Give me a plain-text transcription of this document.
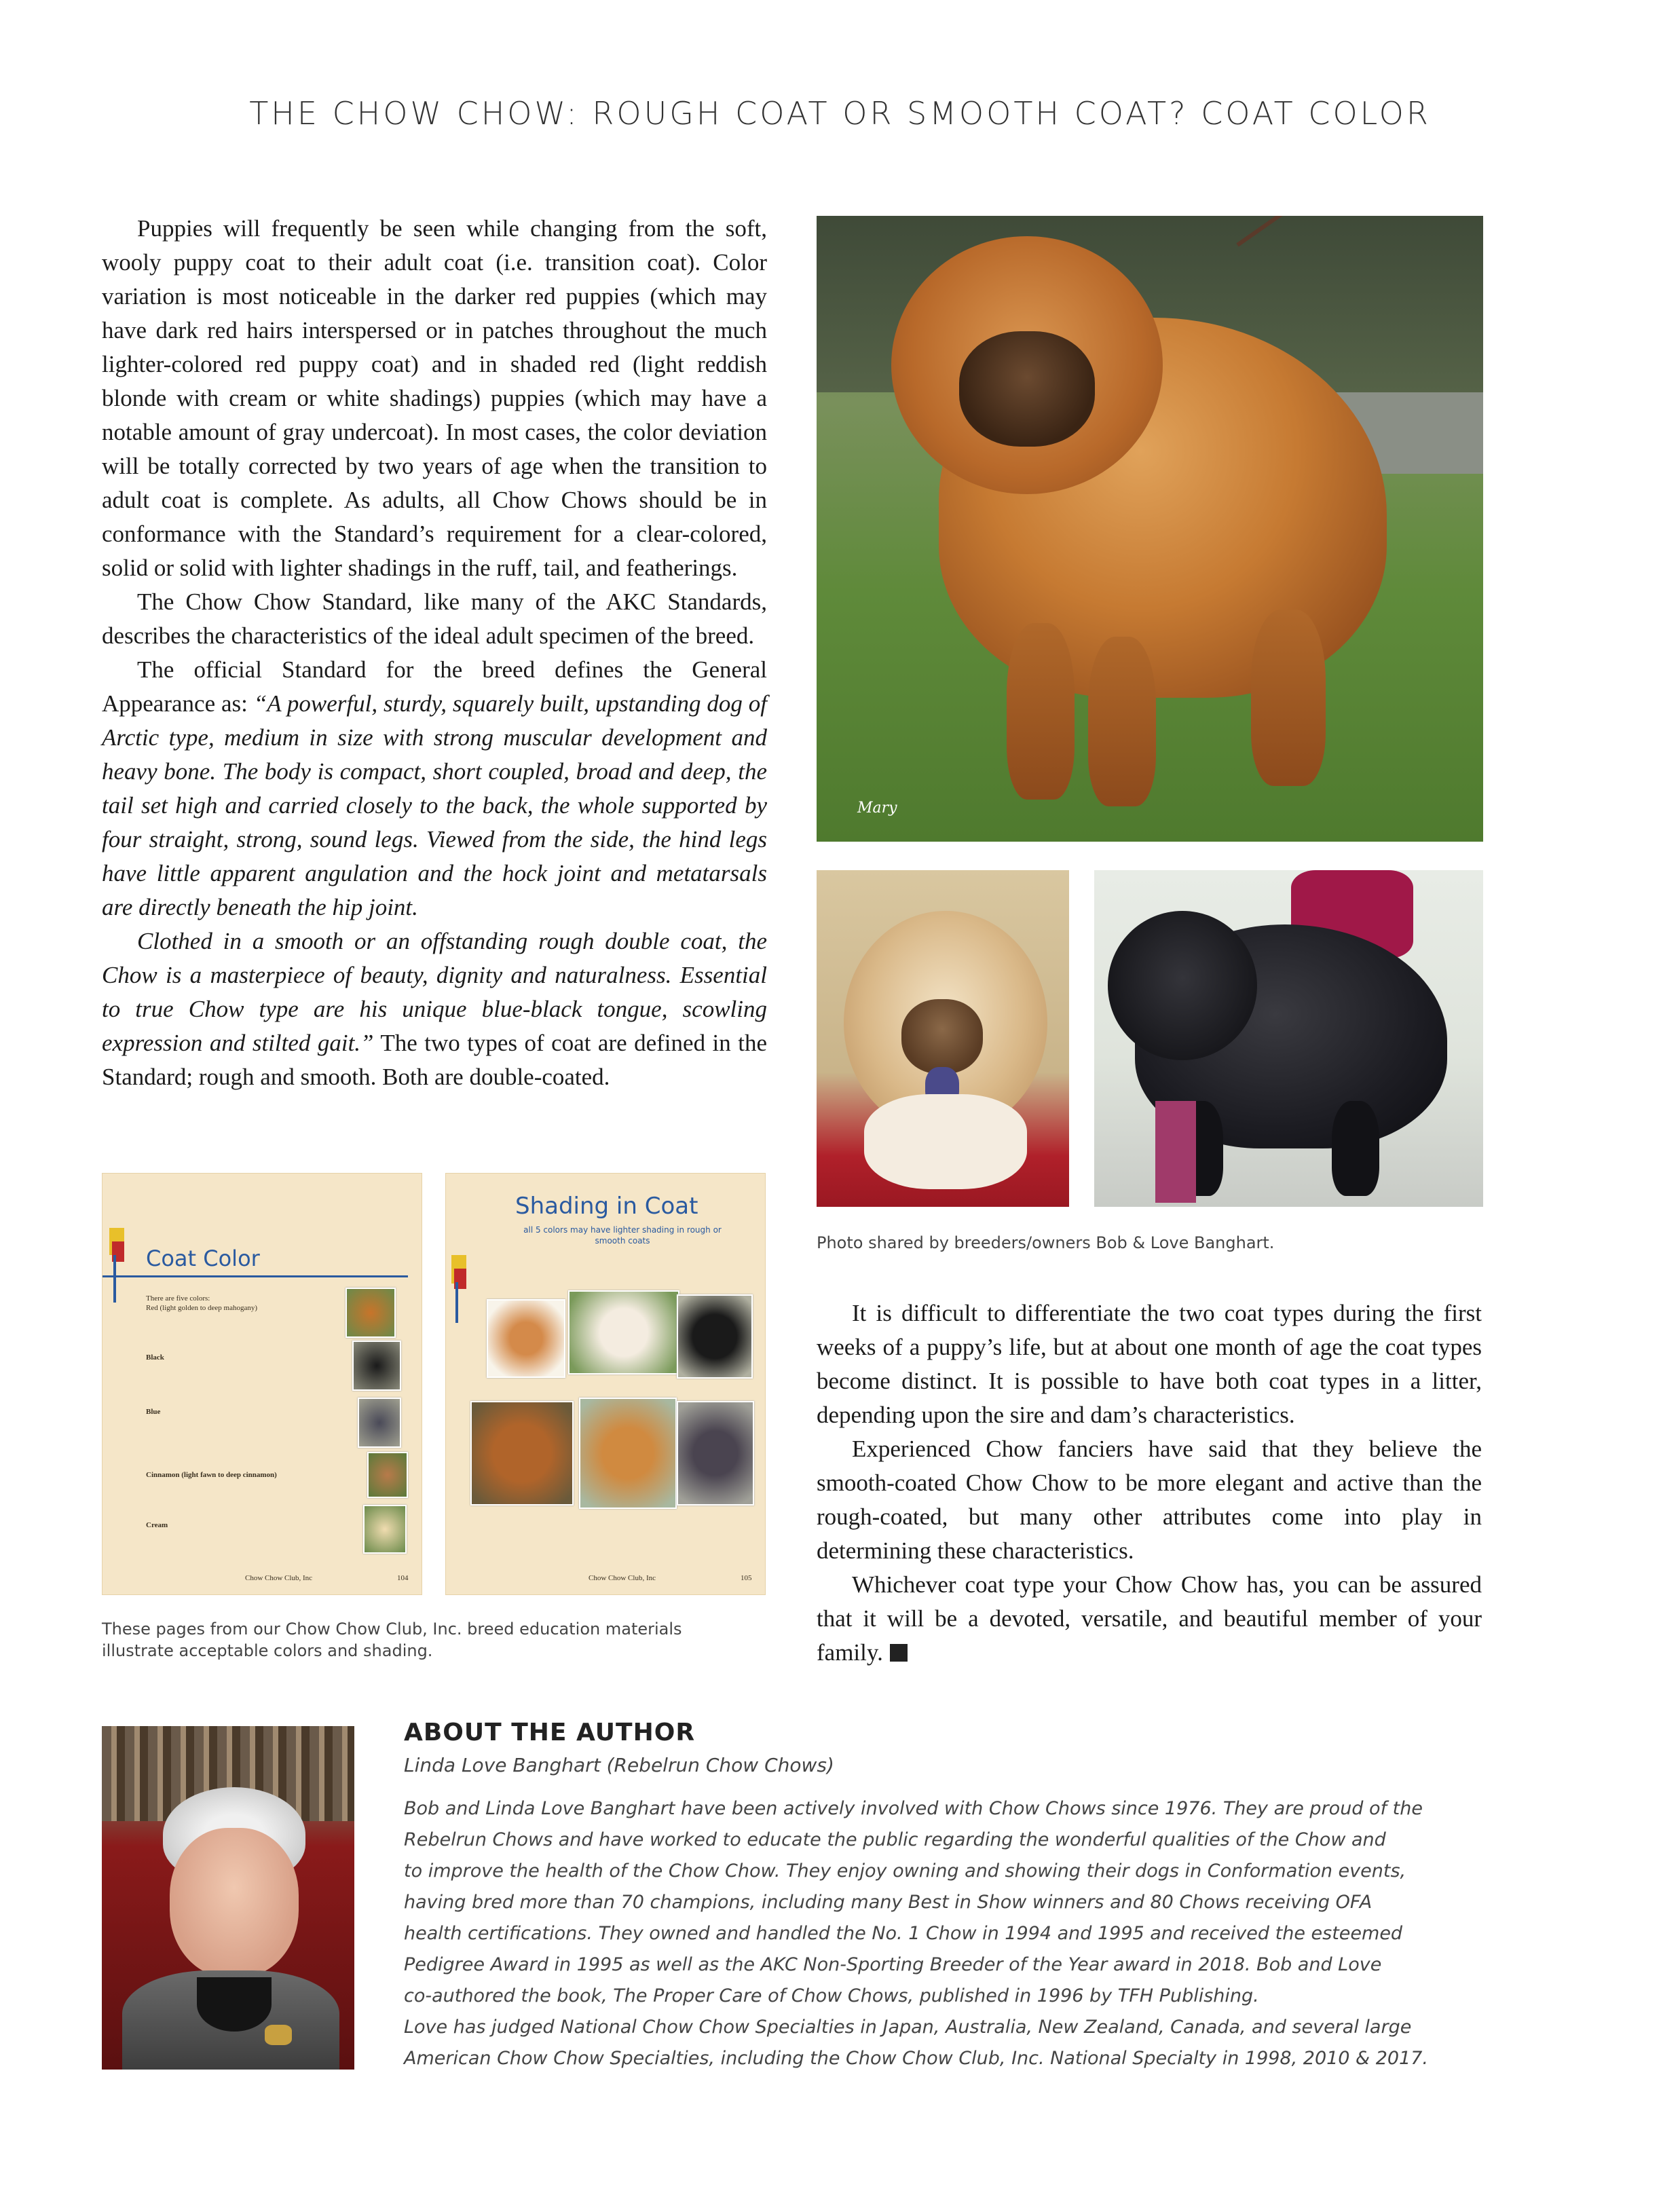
THE CHOW CHOW: ROUGH COAT OR SMOOTH COAT? COAT COLOR

Puppies will frequently be seen while changing from the soft, wooly puppy coat to their adult coat (i.e. transition coat). Color variation is most noticeable in the darker red puppies (which may have dark red hairs interspersed or in patches throughout the much lighter-colored red puppy coat) and in shaded red (light reddish blonde with cream or white shadings) puppies (which may have a notable amount of gray undercoat). In most cases, the color deviation will be totally corrected by two years of age when the transition to adult coat is complete. As adults, all Chow Chows should be in conformance with the Standard’s requirement for a clear-colored, solid or solid with lighter shadings in the ruff, tail, and featherings.

The Chow Chow Standard, like many of the AKC Standards, describes the characteristics of the ideal adult specimen of the breed.

The official Standard for the breed defines the General Appearance as: “A powerful, sturdy, squarely built, upstanding dog of Arctic type, medium in size with strong muscular development and heavy bone. The body is compact, short coupled, broad and deep, the tail set high and carried closely to the back, the whole supported by four straight, strong, sound legs. Viewed from the side, the hind legs have little apparent angulation and the hock joint and metatarsals are directly beneath the hip joint.

Clothed in a smooth or an offstanding rough double coat, the Chow is a masterpiece of beauty, dignity and naturalness. Essential to true Chow type are his unique blue-black tongue, scowling expression and stilted gait.” The two types of coat are defined in the Standard; rough and smooth. Both are double-coated.

Mary
Photo shared by breeders/owners Bob & Love Banghart.

It is difficult to differentiate the two coat types during the first weeks of a puppy’s life, but at about one month of age the coat types become distinct. It is possible to have both coat types in a litter, depending upon the sire and dam’s characteristics.

Experienced Chow fanciers have said that they believe the smooth-coated Chow Chow to be more elegant and active than the rough-coated, but many other attributes come into play in determining these characteristics.

Whichever coat type your Chow Chow has, you can be assured that it will be a devoted, versatile, and beautiful member of your family.

Coat Color
There are five colors:
Red (light golden to deep mahogany)
Black
Blue
Cinnamon (light fawn to deep cinnamon)
Cream
Chow Chow Club, Inc	104
Shading in Coat
all 5 colors may have lighter shading in rough or smooth coats
Chow Chow Club, Inc	105
These pages from our Chow Chow Club, Inc. breed education materials illustrate acceptable colors and shading.
ABOUT THE AUTHOR
Linda Love Banghart (Rebelrun Chow Chows)

Bob and Linda Love Banghart have been actively involved with Chow Chows since 1976. They are proud of the

Rebelrun Chows and have worked to educate the public regarding the wonderful qualities of the Chow and

to improve the health of the Chow Chow. They enjoy owning and showing their dogs in Conformation events,

having bred more than 70 champions, including many Best in Show winners and 80 Chows receiving OFA

health certifications. They owned and handled the No. 1 Chow in 1994 and 1995 and received the esteemed

Pedigree Award in 1995 as well as the AKC Non-Sporting Breeder of the Year award in 2018. Bob and Love

co-authored the book, The Proper Care of Chow Chows, published in 1996 by TFH Publishing.

Love has judged National Chow Chow Specialties in Japan, Australia, New Zealand, Canada, and several large

American Chow Chow Specialties, including the Chow Chow Club, Inc. National Specialty in 1998, 2010 & 2017.
